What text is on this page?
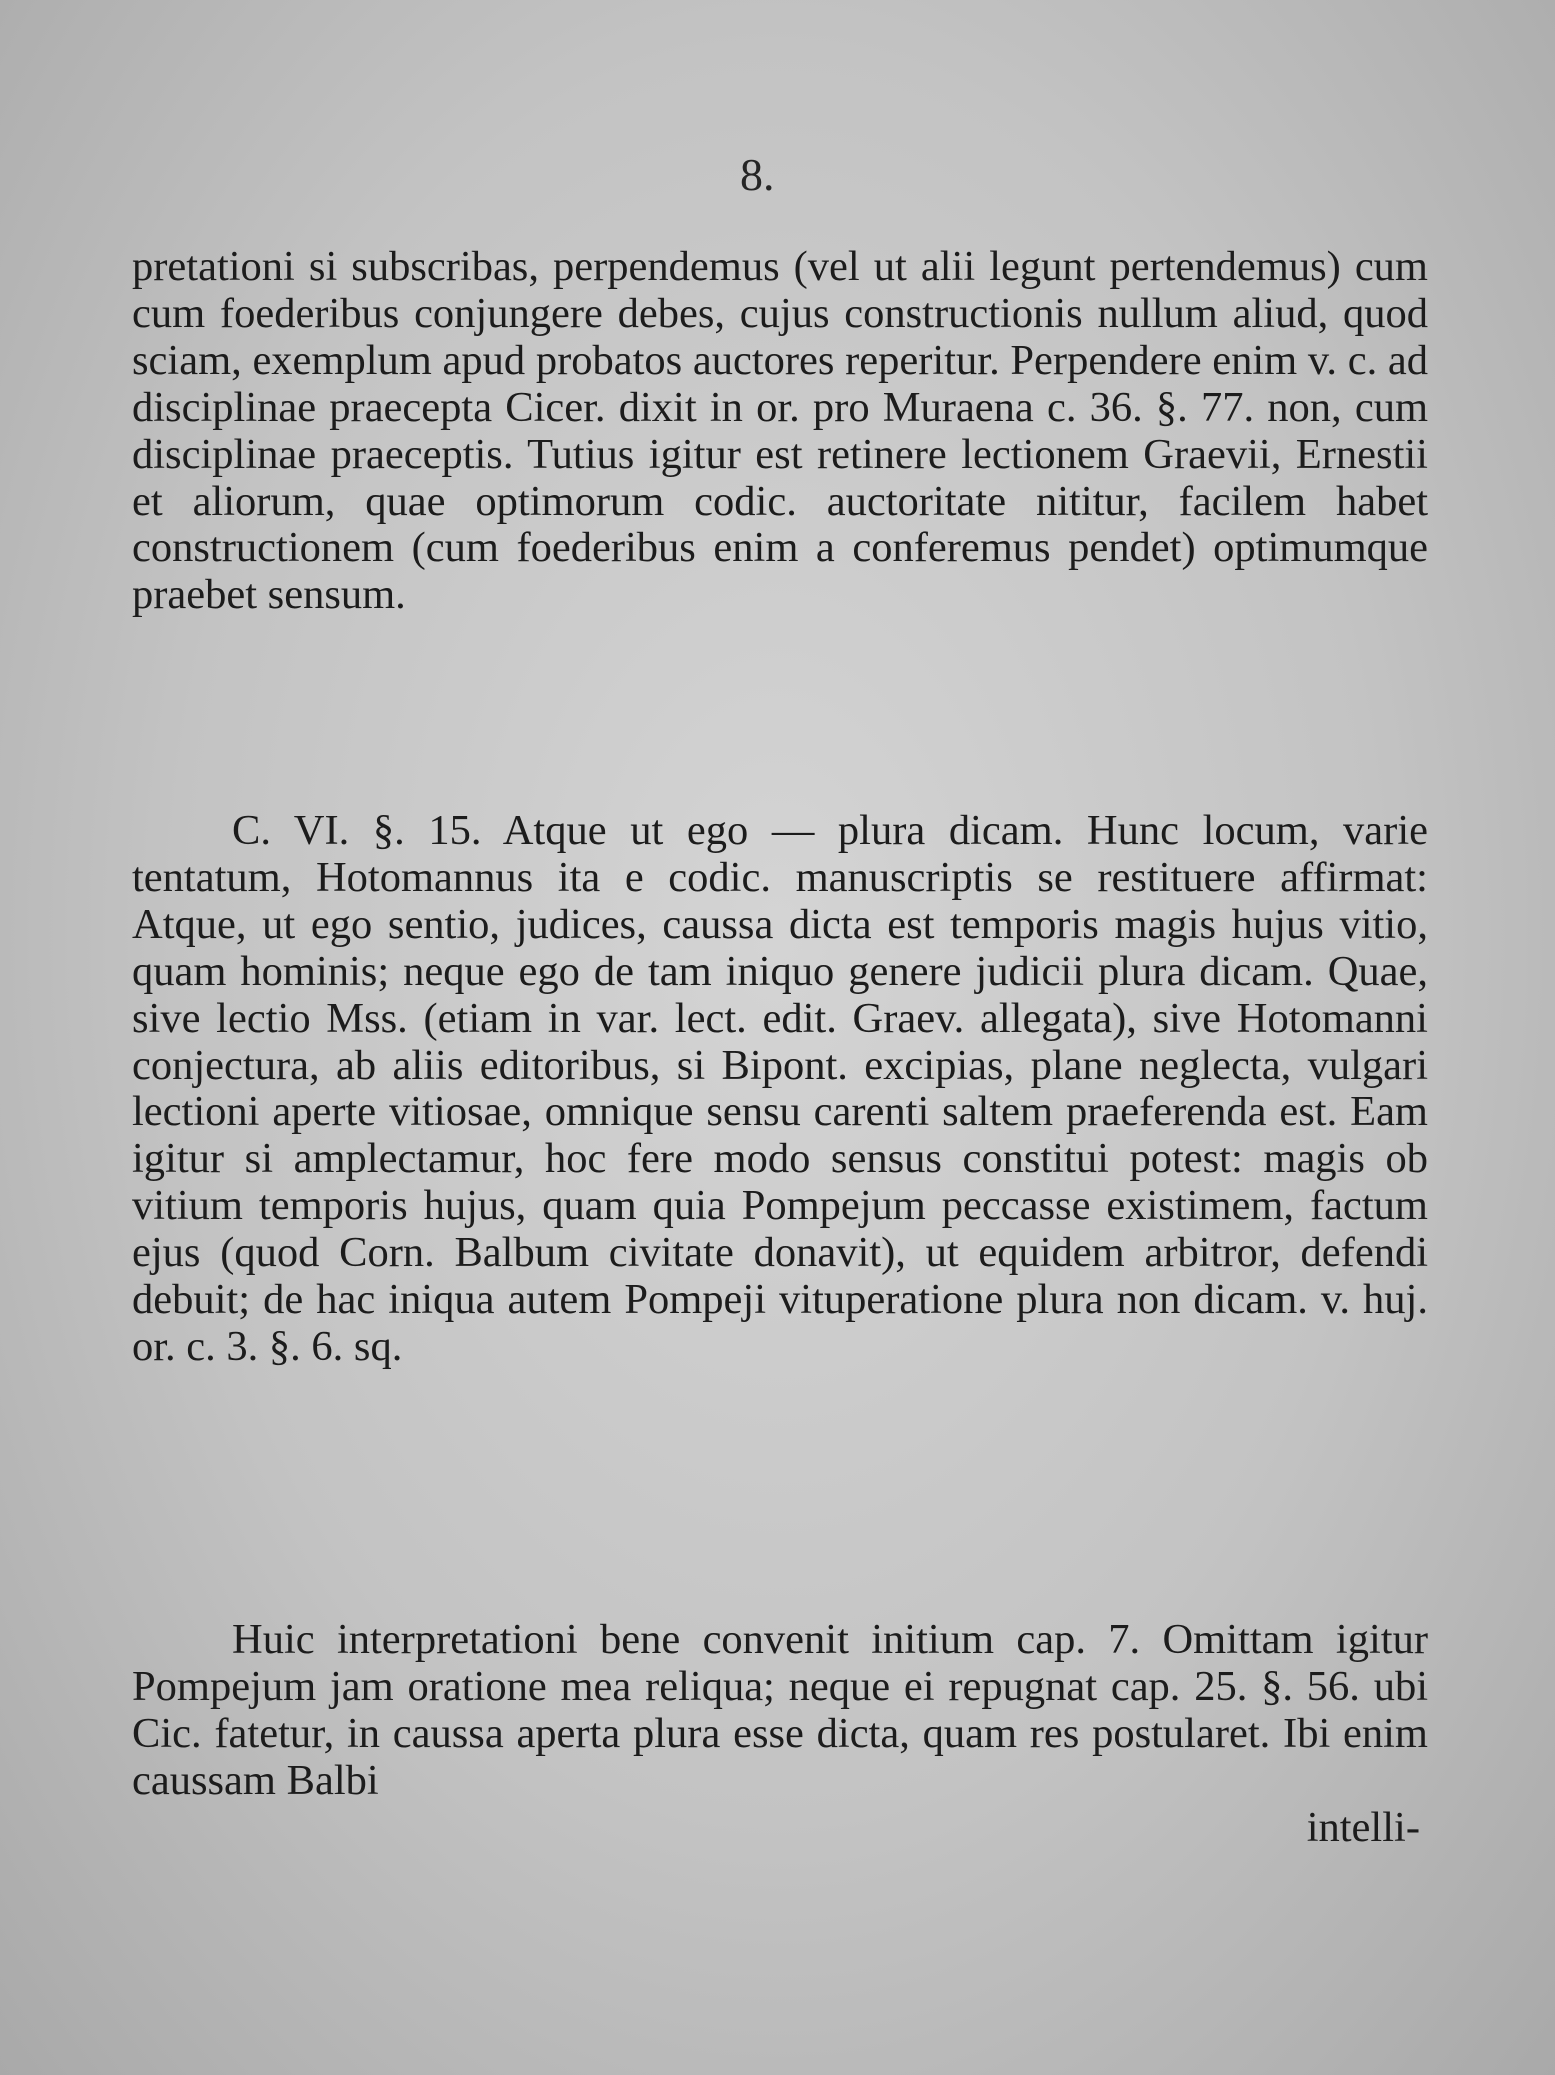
8.

pretationi si subscribas, perpendemus (vel ut alii legunt pertendemus) cum cum foederibus conjungere debes, cujus constructionis nullum aliud, quod sciam, exemplum apud probatos auctores reperitur. Perpendere enim v. c. ad disciplinae praecepta Cicer. dixit in or. pro Muraena c. 36. §. 77. non, cum disciplinae praeceptis. Tutius igitur est retinere lectionem Graevii, Ernestii et aliorum, quae optimorum codic. auctoritate nititur, facilem habet constructionem (cum foederibus enim a conferemus pendet) optimumque praebet sensum.

C. VI. §. 15. Atque ut ego — plura dicam. Hunc locum, varie tentatum, Hotomannus ita e codic. manuscriptis se restituere affirmat: Atque, ut ego sentio, judices, caussa dicta est temporis magis hujus vitio, quam hominis; neque ego de tam iniquo genere judicii plura dicam. Quae, sive lectio Mss. (etiam in var. lect. edit. Graev. allegata), sive Hotomanni conjectura, ab aliis editoribus, si Bipont. excipias, plane neglecta, vulgari lectioni aperte vitiosae, omnique sensu carenti saltem praeferenda est. Eam igitur si amplectamur, hoc fere modo sensus constitui potest: magis ob vitium temporis hujus, quam quia Pompejum peccasse existimem, factum ejus (quod Corn. Balbum civitate donavit), ut equidem arbitror, defendi debuit; de hac iniqua autem Pompeji vituperatione plura non dicam. v. huj. or. c. 3. §. 6. sq.

Huic interpretationi bene convenit initium cap. 7. Omittam igitur Pompejum jam oratione mea reliqua; neque ei repugnat cap. 25. §. 56. ubi Cic. fatetur, in caussa aperta plura esse dicta, quam res postularet. Ibi enim caussam Balbi

intelli-
